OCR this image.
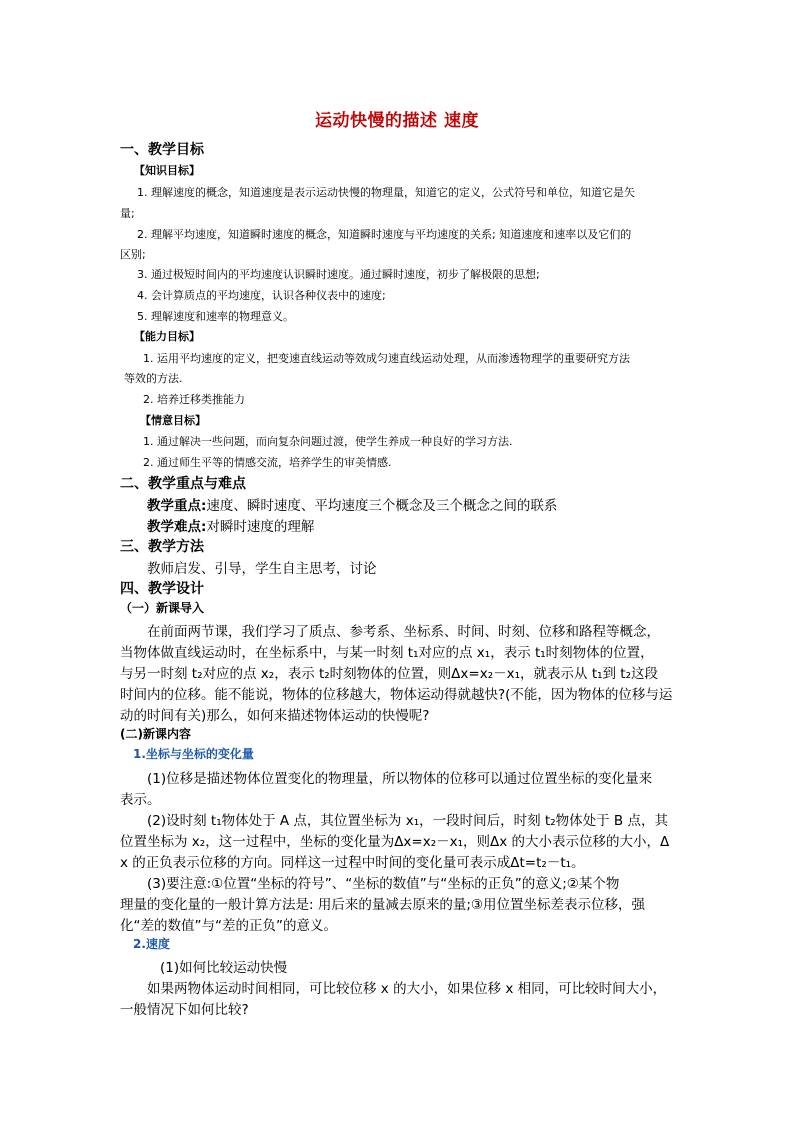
运动快慢的描述 速度
一、教学目标
【知识目标】
1. 理解速度的概念，知道速度是表示运动快慢的物理量，知道它的定义，公式符号和单位，知道它是矢
量;
2. 理解平均速度，知道瞬时速度的概念，知道瞬时速度与平均速度的关系; 知道速度和速率以及它们的
区别;
3. 通过极短时间内的平均速度认识瞬时速度。通过瞬时速度，初步了解极限的思想;
4. 会计算质点的平均速度，认识各种仪表中的速度;
5. 理解速度和速率的物理意义。
【能力目标】
1. 运用平均速度的定义，把变速直线运动等效成匀速直线运动处理，从而渗透物理学的重要研究方法
等效的方法.
2. 培养迁移类推能力
【情意目标】
1. 通过解决一些问题，而向复杂问题过渡，使学生养成一种良好的学习方法.
2. 通过师生平等的情感交流，培养学生的审美情感.
二、教学重点与难点
教学重点:速度、瞬时速度、平均速度三个概念及三个概念之间的联系
教学难点:对瞬时速度的理解
三、教学方法
教师启发、引导，学生自主思考，讨论
四、教学设计
（一）新课导入
在前面两节课，我们学习了质点、参考系、坐标系、时间、时刻、位移和路程等概念，
当物体做直线运动时，在坐标系中，与某一时刻 t₁对应的点 x₁，表示 t₁时刻物体的位置，
与另一时刻 t₂对应的点 x₂，表示 t₂时刻物体的位置，则Δx=x₂－x₁，就表示从 t₁到 t₂这段
时间内的位移。能不能说，物体的位移越大，物体运动得就越快?(不能，因为物体的位移与运
动的时间有关)那么，如何来描述物体运动的快慢呢?
(二)新课内容
1.坐标与坐标的变化量
(1)位移是描述物体位置变化的物理量，所以物体的位移可以通过位置坐标的变化量来
表示。
(2)设时刻 t₁物体处于 A 点，其位置坐标为 x₁，一段时间后，时刻 t₂物体处于 B 点，其
位置坐标为 x₂，这一过程中，坐标的变化量为Δx=x₂－x₁，则Δx 的大小表示位移的大小，Δ
x 的正负表示位移的方向。同样这一过程中时间的变化量可表示成Δt=t₂－t₁。
(3)要注意:①位置“坐标的符号”、“坐标的数值”与“坐标的正负”的意义;②某个物
理量的变化量的一般计算方法是: 用后来的量减去原来的量;③用位置坐标差表示位移，强
化“差的数值”与“差的正负”的意义。
2.速度
(1)如何比较运动快慢
如果两物体运动时间相同，可比较位移 x 的大小，如果位移 x 相同，可比较时间大小，
一般情况下如何比较?
